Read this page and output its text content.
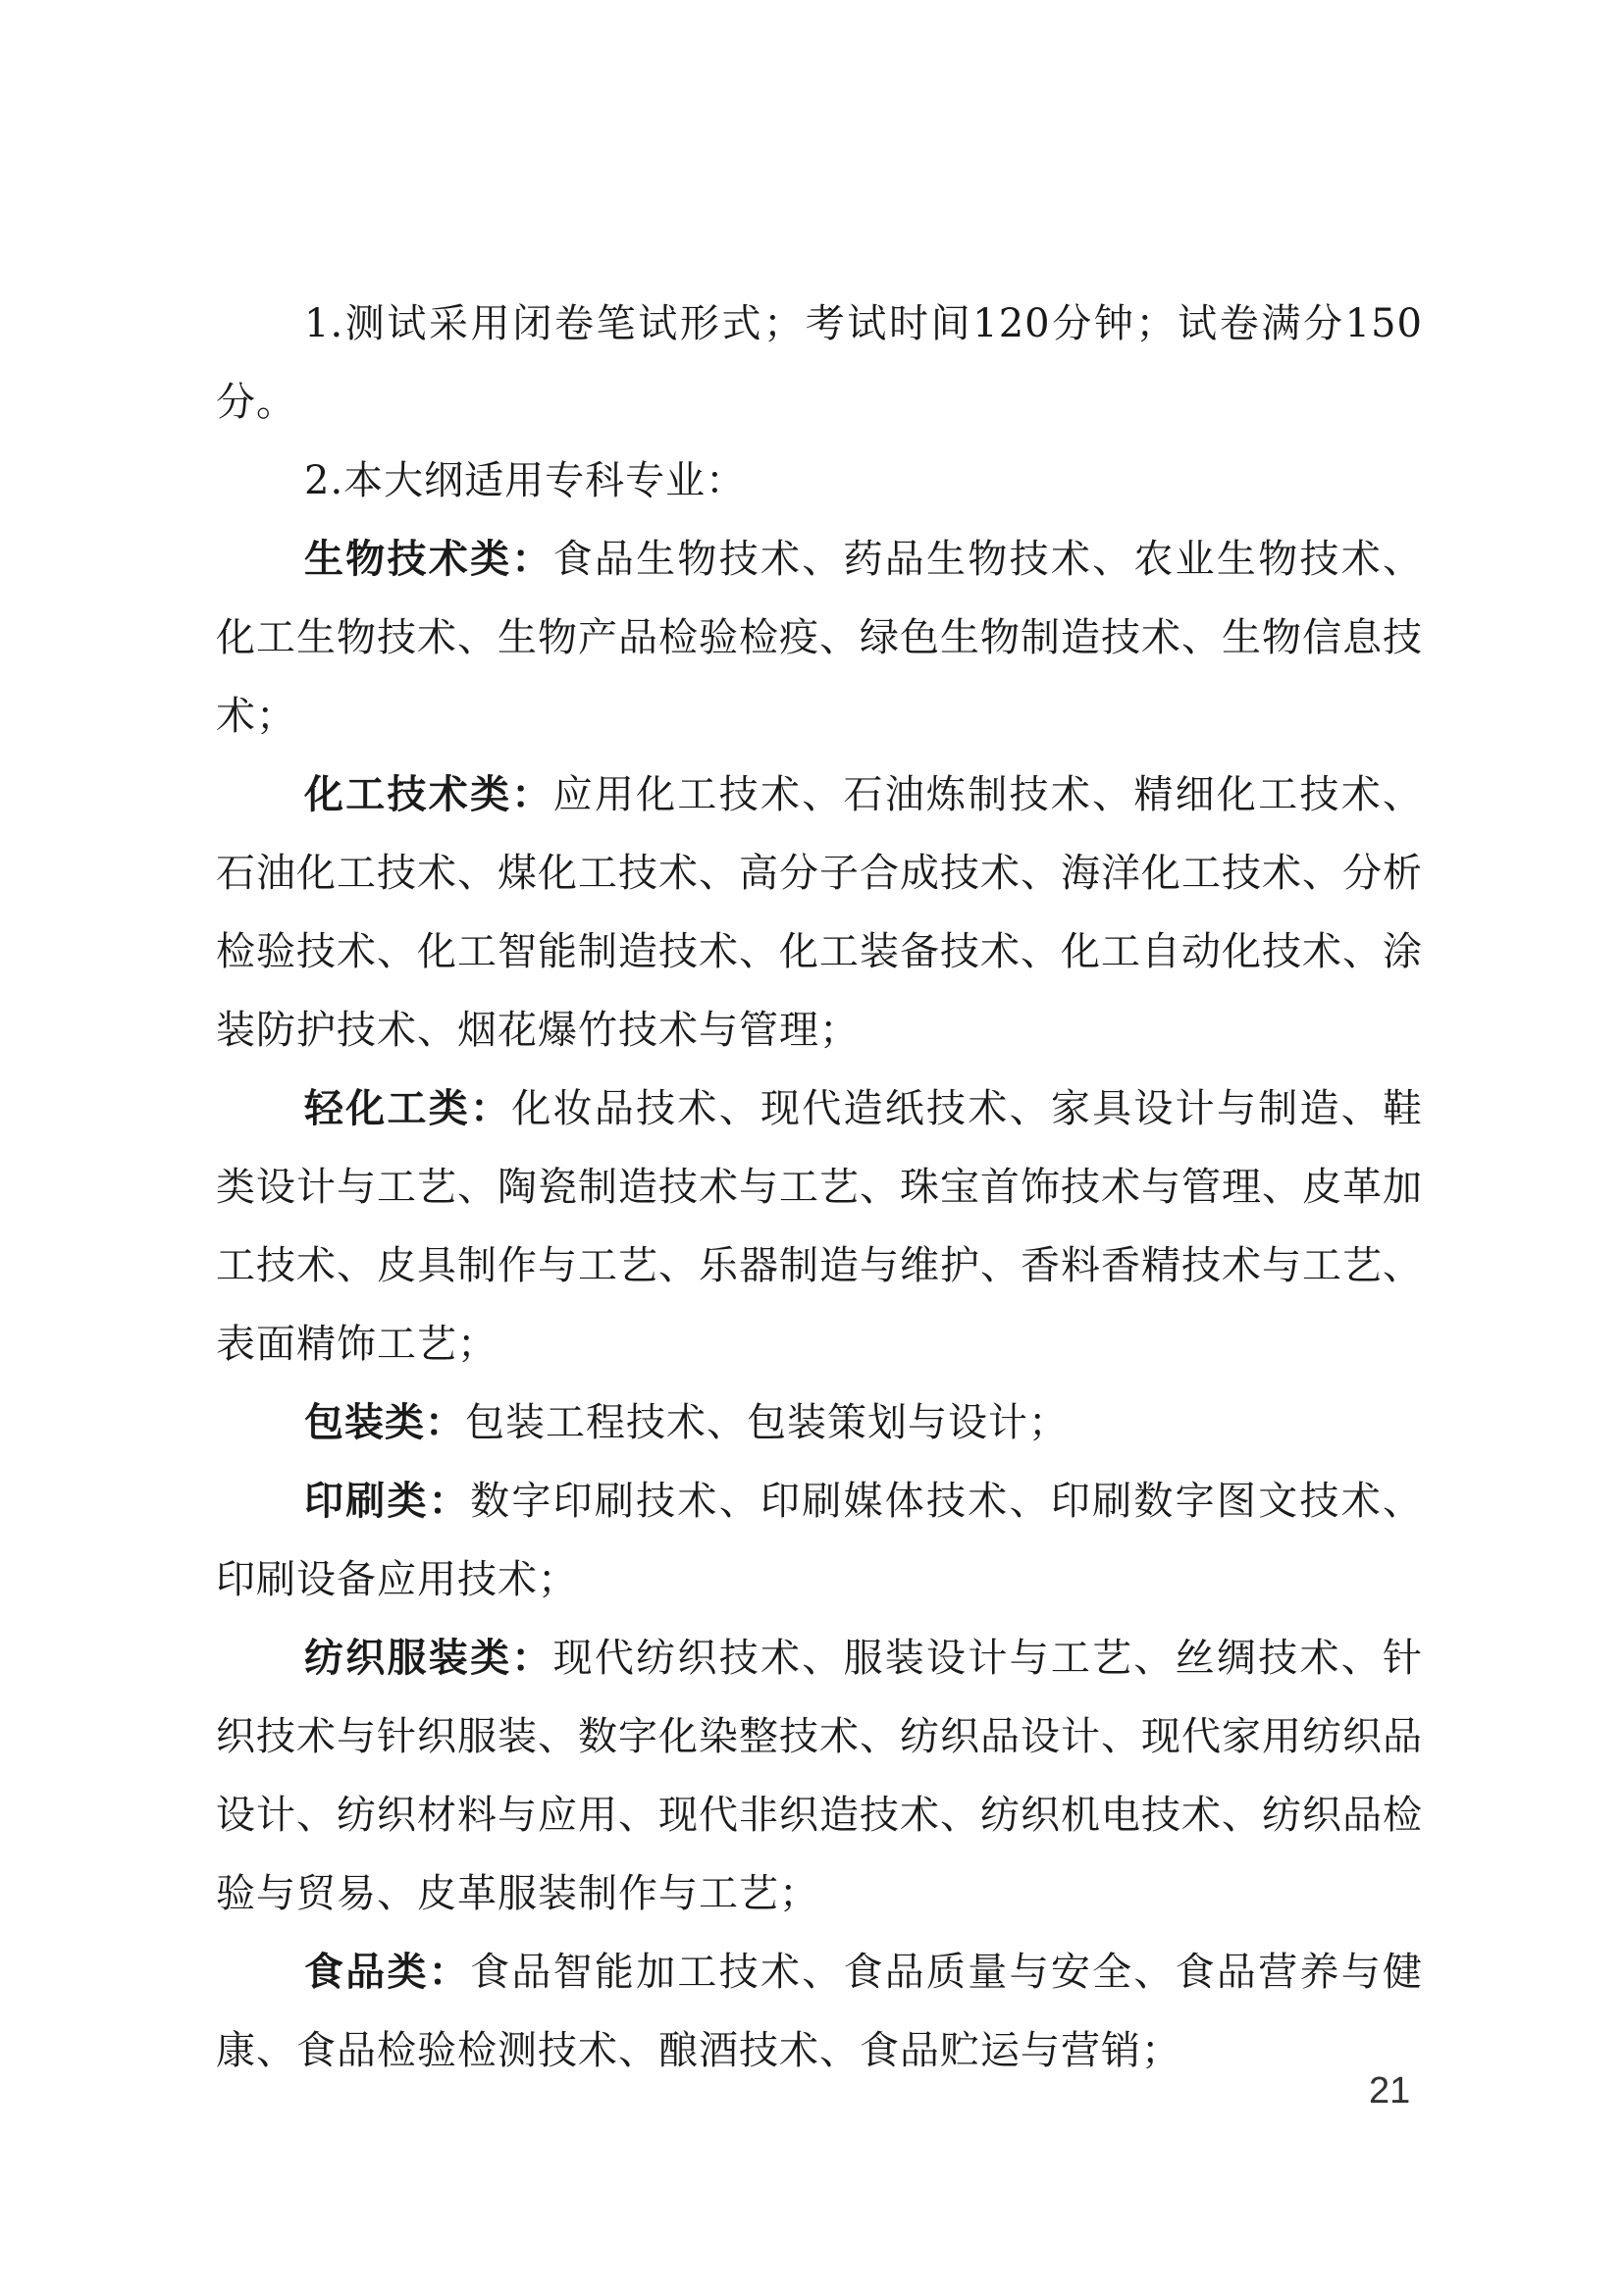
1.测试采用闭卷笔试形式；考试时间120分钟；试卷满分150分。

2.本大纲适用专科专业：

生物技术类：食品生物技术、药品生物技术、农业生物技术、化工生物技术、生物产品检验检疫、绿色生物制造技术、生物信息技术；

化工技术类：应用化工技术、石油炼制技术、精细化工技术、石油化工技术、煤化工技术、高分子合成技术、海洋化工技术、分析检验技术、化工智能制造技术、化工装备技术、化工自动化技术、涂装防护技术、烟花爆竹技术与管理；

轻化工类：化妆品技术、现代造纸技术、家具设计与制造、鞋类设计与工艺、陶瓷制造技术与工艺、珠宝首饰技术与管理、皮革加工技术、皮具制作与工艺、乐器制造与维护、香料香精技术与工艺、表面精饰工艺；

包装类：包装工程技术、包装策划与设计；

印刷类：数字印刷技术、印刷媒体技术、印刷数字图文技术、印刷设备应用技术；

纺织服装类：现代纺织技术、服装设计与工艺、丝绸技术、针织技术与针织服装、数字化染整技术、纺织品设计、现代家用纺织品设计、纺织材料与应用、现代非织造技术、纺织机电技术、纺织品检验与贸易、皮革服装制作与工艺；

食品类：食品智能加工技术、食品质量与安全、食品营养与健康、食品检验检测技术、酿酒技术、食品贮运与营销；

21
